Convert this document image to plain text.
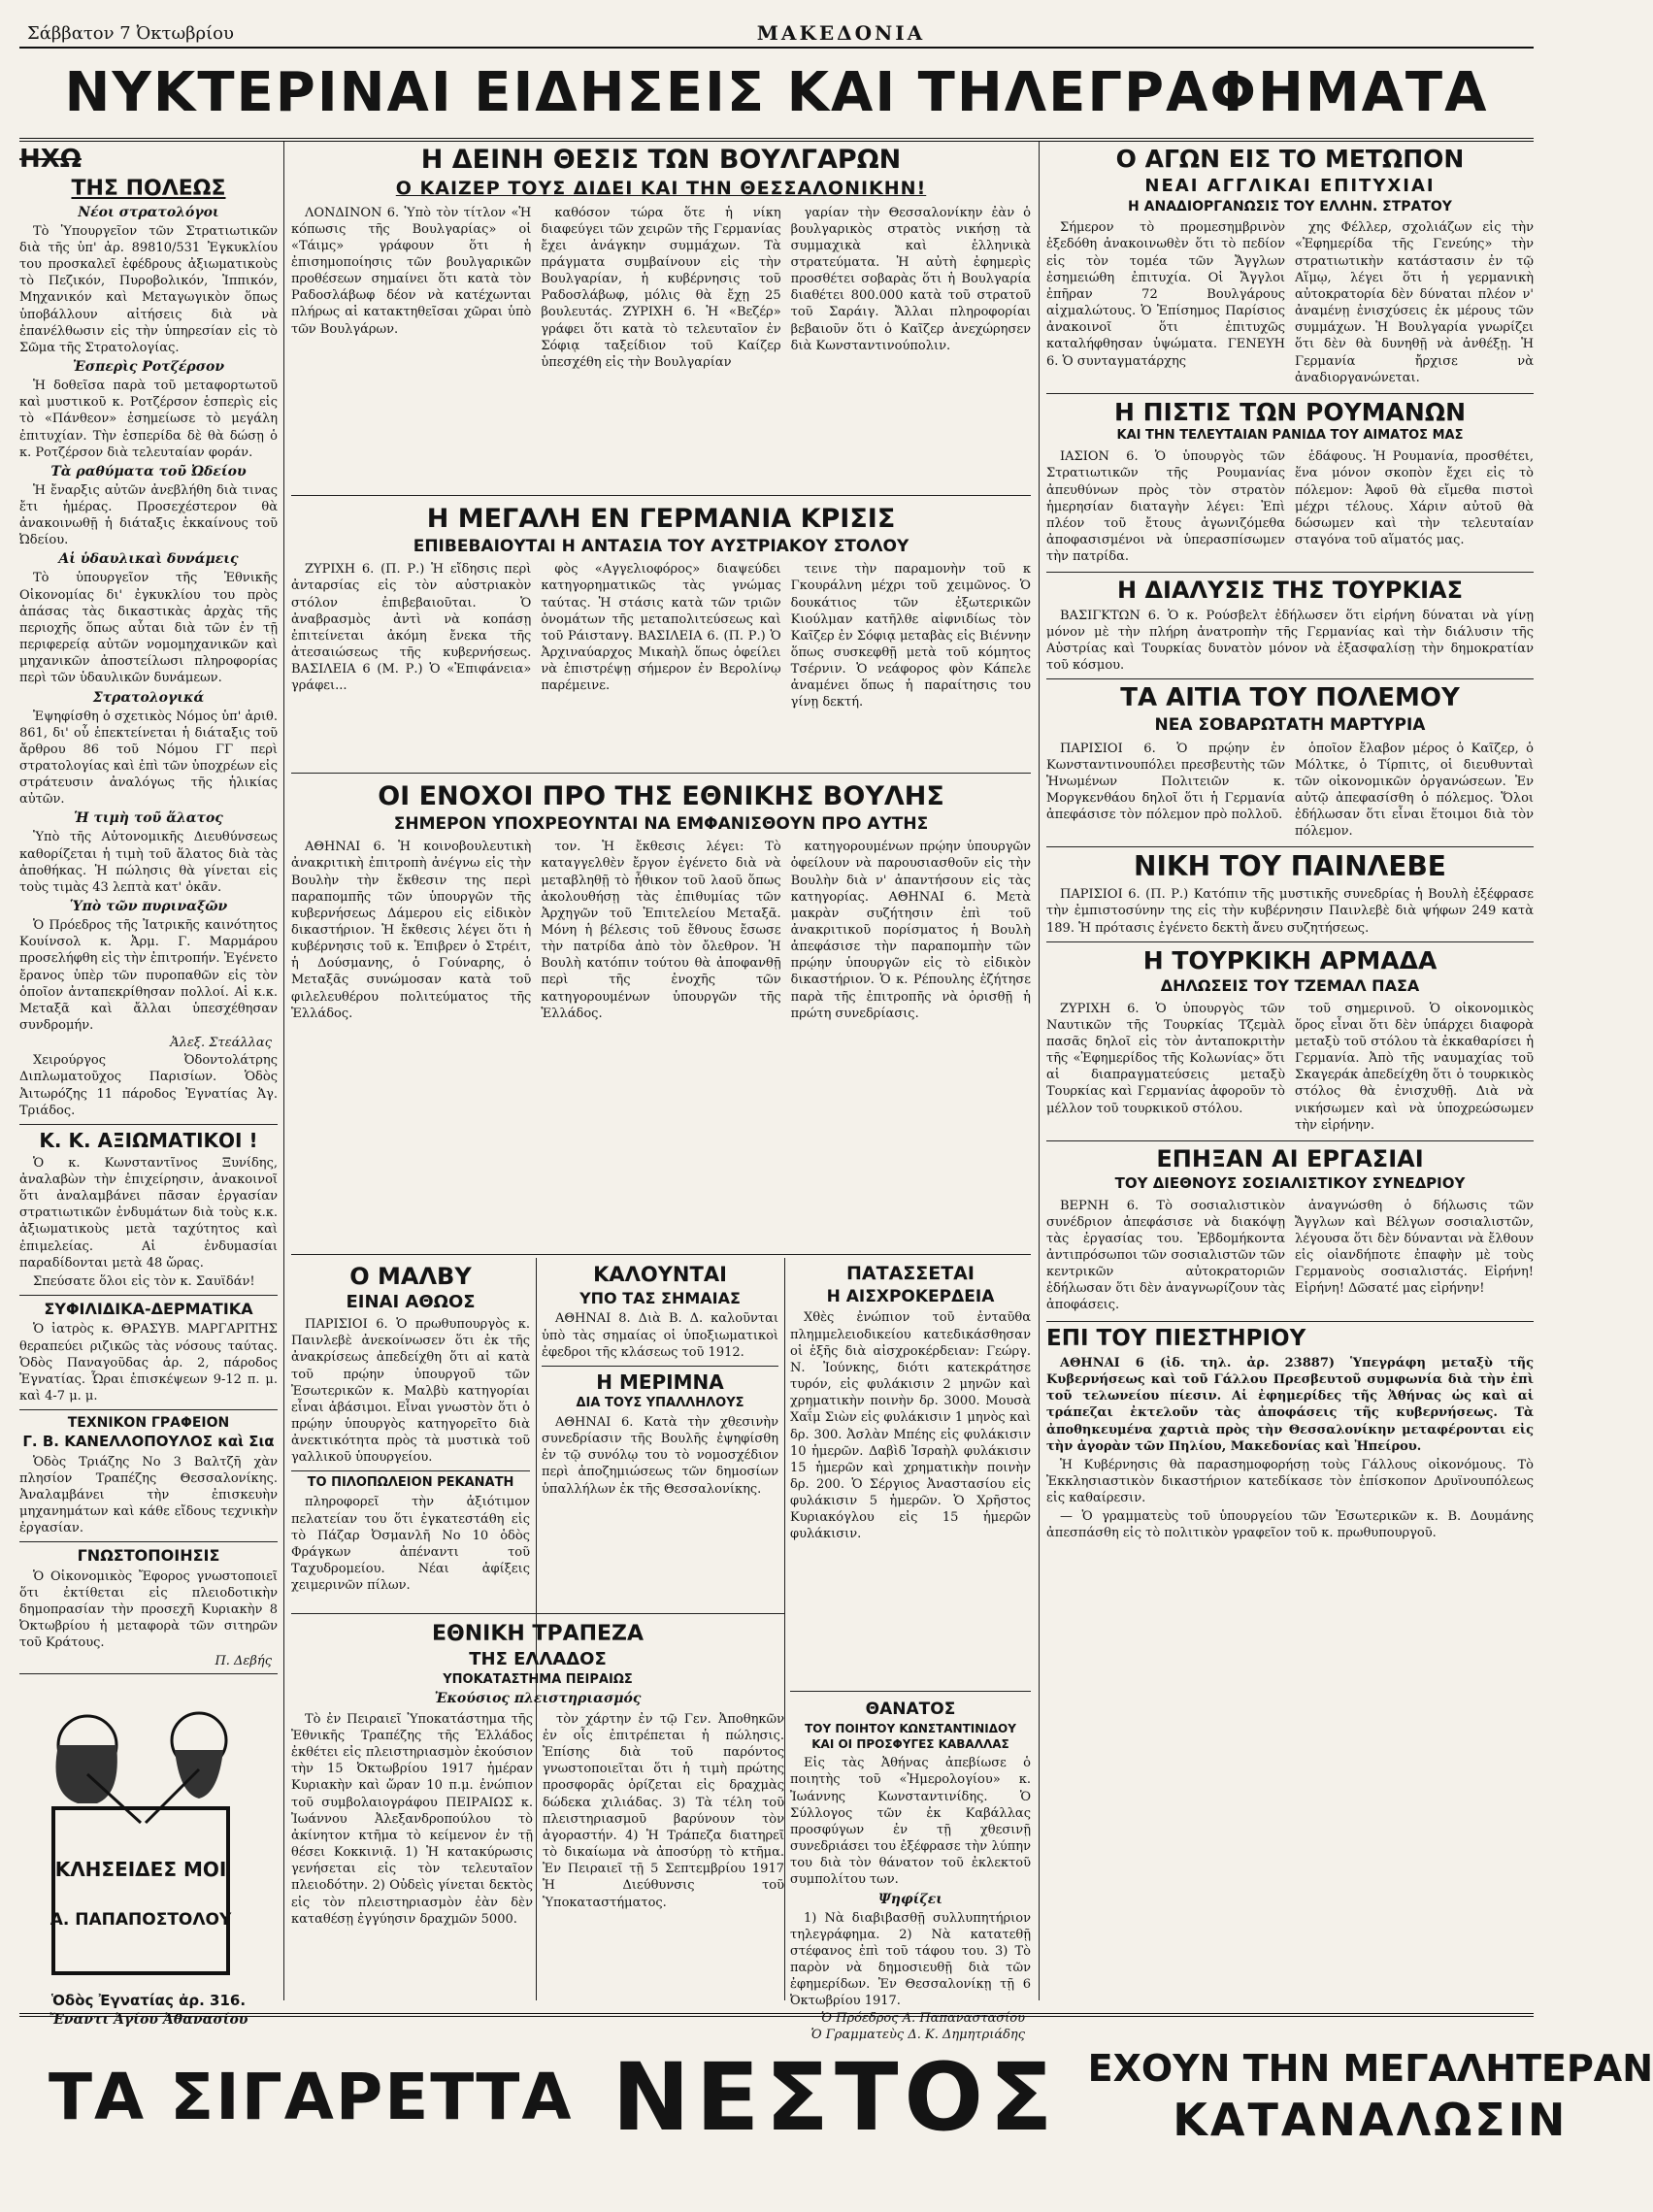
Σάββατον 7 Ὀκτωβρίου	ΜΑΚΕΔΟΝΙΑ
ΝΥΚΤΕΡΙΝΑΙ ΕΙΔΗΣΕΙΣ ΚΑΙ ΤΗΛΕΓΡΑΦΗΜΑΤΑ
ΗΧΩ
ΤΗΣ ΠΟΛΕΩΣ
Νέοι στρατολόγοι

Τὸ Ὑπουργεῖον τῶν Στρατιωτικῶν διὰ τῆς ὑπ' ἀρ. 89810/531 Ἐγκυκλίου του προσκαλεῖ ἐφέδρους ἀξιωματικοὺς τὸ Πεζικόν, Πυροβολικόν, Ἱππικόν, Μηχανικόν καὶ Μεταγωγικὸν ὅπως ὑποβάλλουν αἰτήσεις διὰ νὰ ἐπανέλθωσιν εἰς τὴν ὑπηρεσίαν εἰς τὸ Σῶμα τῆς Στρατολογίας.

Ἐσπερὶς Ροτζέρσον

Ἡ δοθεῖσα παρὰ τοῦ μεταφορτωτοῦ καὶ μυστικοῦ κ. Ροτζέρσον ἑσπερὶς εἰς τὸ «Πάνθεον» ἐσημείωσε τὸ μεγάλη ἐπιτυχίαν. Τὴν ἐσπερίδα δὲ θὰ δώσῃ ὁ κ. Ροτζέρσον διὰ τελευταίαν φοράν.

Τὰ ραθύματα τοῦ Ὠδείου

Ἡ ἔναρξις αὐτῶν ἀνεβλήθη διὰ τινας ἔτι ἡμέρας. Προσεχέστερον θὰ ἀνακοινωθῇ ἡ διάταξις ἐκκαίνους τοῦ Ὠδείου.

Αἱ ὑδαυλικαὶ δυνάμεις

Τὸ ὑπουργεῖον τῆς Ἐθνικῆς Οἰκονομίας δι' ἐγκυκλίου του πρὸς ἁπάσας τὰς δικαστικὰς ἀρχὰς τῆς περιοχῆς ὅπως αὗται διὰ τῶν ἐν τῇ περιφερείᾳ αὐτῶν νομομηχανικῶν καὶ μηχανικῶν ἀποστείλωσι πληροφορίας περὶ τῶν ὑδαυλικῶν δυνάμεων.

Στρατολογικά

Ἐψηφίσθη ὁ σχετικὸς Νόμος ὑπ' ἀριθ. 861, δι' οὗ ἐπεκτείνεται ἡ διάταξις τοῦ ἄρθρου 86 τοῦ Νόμου ΓΓ περὶ στρατολογίας καὶ ἐπὶ τῶν ὑποχρέων εἰς στράτευσιν ἀναλόγως τῆς ἡλικίας αὐτῶν.

Ἡ τιμὴ τοῦ ἅλατος

Ὑπὸ τῆς Αὐτονομικῆς Διευθύνσεως καθορίζεται ἡ τιμὴ τοῦ ἅλατος διὰ τὰς ἀποθήκας. Ἡ πώλησις θὰ γίνεται εἰς τοὺς τιμὰς 43 λεπτὰ κατ' ὀκᾶν.

Ὑπὸ τῶν πυριναξῶν

Ὁ Πρόεδρος τῆς Ἰατρικῆς καινότητος Κουίνσολ κ. Ἀρμ. Γ. Μαρμάρου προσελήφθη εἰς τὴν ἐπιτροπήν. Ἐγένετο ἔρανος ὑπὲρ τῶν πυροπαθῶν εἰς τὸν ὁποῖον ἀνταπεκρίθησαν πολλοί. Αἱ κ.κ. Μεταξᾶ καὶ ἄλλαι ὑπεσχέθησαν συνδρομήν.

Ἀλεξ. Στεάλλας

Χειρούργος Ὀδοντολάτρης Διπλωματοῦχος Παρισίων. Ὁδὸς Ἀιτωρόζης 11 πάροδος Ἐγνατίας Ἀγ. Τριάδος.

Κ. Κ. ΑΞΙΩΜΑΤΙΚΟΙ !

Ὁ κ. Κωνσταντῖνος Ξυνίδης, ἀναλαβὼν τὴν ἐπιχείρησιν, ἀνακοινοῖ ὅτι ἀναλαμβάνει πᾶσαν ἐργασίαν στρατιωτικῶν ἐνδυμάτων διὰ τοὺς κ.κ. ἀξιωματικοὺς μετὰ ταχύτητος καὶ ἐπιμελείας. Αἱ ἐνδυμασίαι παραδίδονται μετὰ 48 ὥρας.

Σπεύσατε ὅλοι εἰς τὸν κ. Σαυϊδάν!

ΣΥΦΙΛΙΔΙΚΑ-ΔΕΡΜΑΤΙΚΑ

Ὁ ἰατρὸς κ. ΘΡΑΣΥΒ. ΜΑΡΓΑΡΙΤΗΣ θεραπεύει ριζικῶς τὰς νόσους ταύτας. Ὁδὸς Παναγοῦδας ἀρ. 2, πάροδος Ἐγνατίας. Ὧραι ἐπισκέψεων 9-12 π. μ. καὶ 4-7 μ. μ.

ΤΕΧΝΙΚΟΝ ΓΡΑΦΕΙΟΝ
Γ. Β. ΚΑΝΕΛΛΟΠΟΥΛΟΣ καὶ Σια

Ὁδὸς Τριάζης Νο 3 Βαλτζῆ χὰν πλησίον Τραπέζης Θεσσαλονίκης. Ἀναλαμβάνει τὴν ἐπισκευὴν μηχανημάτων καὶ κάθε εἴδους τεχνικὴν ἐργασίαν.

ΓΝΩΣΤΟΠΟΙΗΣΙΣ

Ὁ Οἰκονομικὸς Ἔφορος γνωστοποιεῖ ὅτι ἐκτίθεται εἰς πλειοδοτικὴν δημοπρασίαν τὴν προσεχῆ Κυριακὴν 8 Ὀκτωβρίου ἡ μεταφορὰ τῶν σιτηρῶν τοῦ Κράτους.

Π. Δεβής
ΚΛΗΣΕΙΔΕΣ ΜΟΙ
Α. ΠΑΠΑΠΟΣΤΟΛΟΥ
Ὁδὸς Ἐγνατίας ἀρ. 316.
Ἔναντι Ἁγίου Ἀθανασίου
Η ΔΕΙΝΗ ΘΕΣΙΣ ΤΩΝ ΒΟΥΛΓΑΡΩΝ
Ο ΚΑΙΖΕΡ ΤΟΥΣ ΔΙΔΕΙ ΚΑΙ ΤΗΝ ΘΕΣΣΑΛΟΝΙΚΗΝ!

ΛΟΝΔΙΝΟΝ 6. Ὑπὸ τὸν τίτλον «Ἡ κόπωσις τῆς Βουλγαρίας» οἱ «Τάιμς» γράφουν ὅτι ἡ ἐπισημοποίησις τῶν βουλγαρικῶν προθέσεων σημαίνει ὅτι κατὰ τὸν Ραδοσλάβωφ δέον νὰ κατέχωνται πλήρως αἱ κατακτηθεῖσαι χῶραι ὑπὸ τῶν Βουλγάρων.

καθόσον τώρα ὅτε ἡ νίκη διαφεύγει τῶν χειρῶν τῆς Γερμανίας ἔχει ἀνάγκην συμμάχων. Τὰ πράγματα συμβαίνουν εἰς τὴν Βουλγαρίαν, ἡ κυβέρνησις τοῦ Ραδοσλάβωφ, μόλις θὰ ἔχῃ 25 βουλευτάς. ΖΥΡΙΧΗ 6. Ἡ «Βεζέρ» γράφει ὅτι κατὰ τὸ τελευταῖον ἐν Σόφιᾳ ταξείδιον τοῦ Καίζερ ὑπεσχέθη εἰς τὴν Βουλγαρίαν

γαρίαν τὴν Θεσσαλονίκην ἐὰν ὁ βουλγαρικὸς στρατὸς νικήσῃ τὰ συμμαχικὰ καὶ ἑλληνικὰ στρατεύματα. Ἡ αὐτὴ ἐφημερὶς προσθέτει σοβαρὰς ὅτι ἡ Βουλγαρία διαθέτει 800.000 κατὰ τοῦ στρατοῦ τοῦ Σαράιγ. Ἄλλαι πληροφορίαι βεβαιοῦν ὅτι ὁ Καῖζερ ἀνεχώρησεν διὰ Κωνσταντινούπολιν.

Η ΜΕΓΑΛΗ ΕΝ ΓΕΡΜΑΝΙΑ ΚΡΙΣΙΣ
ΕΠΙΒΕΒΑΙΟΥΤΑΙ Η ΑΝΤΑΣΙΑ ΤΟΥ ΑΥΣΤΡΙΑΚΟΥ ΣΤΟΛΟΥ

ΖΥΡΙΧΗ 6. (Π. Ρ.) Ἡ εἴδησις περὶ ἀνταρσίας εἰς τὸν αὐστριακὸν στόλον ἐπιβεβαιοῦται. Ὁ ἀναβρασμὸς ἀντὶ νὰ κοπάσῃ ἐπιτείνεται ἀκόμη ἔνεκα τῆς ἀτεσαιώσεως τῆς κυβερνήσεως. ΒΑΣΙΛΕΙΑ 6 (Μ. Ρ.) Ὁ «Ἐπιφάνεια» γράφει...

φὸς «Αγγελιοφόρος» διαψεύδει κατηγορηματικῶς τὰς γνώμας ταύτας. Ἡ στάσις κατὰ τῶν τριῶν ὀνομάτων τῆς μεταπολιτεύσεως καὶ τοῦ Ράιστανγ. ΒΑΣΙΛΕΙΑ 6. (Π. Ρ.) Ὁ Ἀρχιναύαρχος Μικαὴλ ὅπως ὀφείλει νὰ ἐπιστρέψῃ σήμερον ἐν Βερολίνῳ παρέμεινε.

τεινε τὴν παραμονὴν τοῦ κ Γκουράλνη μέχρι τοῦ χειμῶνος. Ὁ δουκάτιος τῶν ἐξωτερικῶν Κιούλμαν κατῆλθε αἰφνιδίως τὸν Καῖζερ ἐν Σόφιᾳ μεταβὰς εἰς Βιέννην ὅπως συσκεφθῇ μετὰ τοῦ κόμητος Τσέρνιν. Ὁ νεάφορος φὸν Κάπελε ἀναμένει ὅπως ἡ παραίτησις του γίνῃ δεκτή.

ΟΙ ΕΝΟΧΟΙ ΠΡΟ ΤΗΣ ΕΘΝΙΚΗΣ ΒΟΥΛΗΣ
ΣΗΜΕΡΟΝ ΥΠΟΧΡΕΟΥΝΤΑΙ ΝΑ ΕΜΦΑΝΙΣΘΟΥΝ ΠΡΟ ΑΥΤΗΣ

ΑΘΗΝΑΙ 6. Ἡ κοινοβουλευτικὴ ἀνακριτικὴ ἐπιτροπὴ ἀνέγνω εἰς τὴν Βουλὴν τὴν ἔκθεσιν της περὶ παραπομπῆς τῶν ὑπουργῶν τῆς κυβερνήσεως Δάμερου εἰς εἰδικὸν δικαστήριον. Ἡ ἔκθεσις λέγει ὅτι ἡ κυβέρνησις τοῦ κ. Ἐπιβρεν ὁ Στρέιτ, ἡ Δούσμανης, ὁ Γούναρης, ὁ Μεταξᾶς συνώμοσαν κατὰ τοῦ φιλελευθέρου πολιτεύματος τῆς Ἑλλάδος.

τον. Ἡ ἔκθεσις λέγει: Τὸ καταγγελθὲν ἔργον ἐγένετο διὰ νὰ μεταβληθῇ τὸ ἦθικον τοῦ λαοῦ ὅπως ἀκολουθήσῃ τὰς ἐπιθυμίας τῶν Ἀρχηγῶν τοῦ Ἐπιτελείου Μεταξᾶ. Μόνη ἡ βέλεσις τοῦ ἔθνους ἔσωσε τὴν πατρίδα ἀπὸ τὸν ὄλεθρον. Ἡ Βουλὴ κατόπιν τούτου θὰ ἀποφανθῇ περὶ τῆς ἐνοχῆς τῶν κατηγορουμένων ὑπουργῶν τῆς Ἑλλάδος.

κατηγορουμένων πρῴην ὑπουργῶν ὀφείλουν νὰ παρουσιασθοῦν εἰς τὴν Βουλὴν διὰ ν' ἀπαντήσουν εἰς τὰς κατηγορίας. ΑΘΗΝΑΙ 6. Μετὰ μακρὰν συζήτησιν ἐπὶ τοῦ ἀνακριτικοῦ πορίσματος ἡ Βουλὴ ἀπεφάσισε τὴν παραπομπὴν τῶν πρῴην ὑπουργῶν εἰς τὸ εἰδικὸν δικαστήριον. Ὁ κ. Ρέπουλης ἐζήτησε παρὰ τῆς ἐπιτροπῆς νὰ ὁρισθῇ ἡ πρώτη συνεδρίασις.

Ο ΜΑΛΒΥ
ΕΙΝΑΙ ΑΘΩΟΣ

ΠΑΡΙΣΙΟΙ 6. Ὁ πρωθυπουργὸς κ. Παινλεβὲ ἀνεκοίνωσεν ὅτι ἐκ τῆς ἀνακρίσεως ἀπεδείχθη ὅτι αἱ κατὰ τοῦ πρῴην ὑπουργοῦ τῶν Ἐσωτερικῶν κ. Μαλβὺ κατηγορίαι εἶναι ἀβάσιμοι. Εἶναι γνωστὸν ὅτι ὁ πρῴην ὑπουργὸς κατηγορεῖτο διὰ ἀνεκτικότητα πρὸς τὰ μυστικὰ τοῦ γαλλικοῦ ὑπουργείου.

ΤΟ ΠΙΛΟΠΩΛΕΙΟΝ ΡΕΚΑΝΑΤΗ

πληροφορεῖ τὴν ἀξιότιμον πελατείαν του ὅτι ἐγκατεστάθη εἰς τὸ Πάζαρ Ὀσμανλῆ Νο 10 ὁδὸς Φράγκων ἀπέναντι τοῦ Ταχυδρομείου. Νέαι ἀφίξεις χειμερινῶν πίλων.

ΚΑΛΟΥΝΤΑΙ
ΥΠΟ ΤΑΣ ΣΗΜΑΙΑΣ

ΑΘΗΝΑΙ 8. Διὰ Β. Δ. καλοῦνται ὑπὸ τὰς σημαίας οἱ ὑποξιωματικοὶ ἐφεδροι τῆς κλάσεως τοῦ 1912.

Η ΜΕΡΙΜΝΑ
ΔΙΑ ΤΟΥΣ ΥΠΑΛΛΗΛΟΥΣ

ΑΘΗΝΑΙ 6. Κατὰ τὴν χθεσινὴν συνεδρίασιν τῆς Βουλῆς ἐψηφίσθη ἐν τῷ συνόλῳ του τὸ νομοσχέδιον περὶ ἀποζημιώσεως τῶν δημοσίων ὑπαλλήλων ἐκ τῆς Θεσσαλονίκης.

ΠΑΤΑΣΣΕΤΑΙ
Η ΑΙΣΧΡΟΚΕΡΔΕΙΑ

Χθὲς ἐνώπιον τοῦ ἐνταῦθα πλημμελειοδικείου κατεδικάσθησαν οἱ ἑξῆς διὰ αἰσχροκέρδειαν: Γεώργ. Ν. Ἰούνκης, διότι κατεκράτησε τυρόν, εἰς φυλάκισιν 2 μηνῶν καὶ χρηματικὴν ποινὴν δρ. 3000. Μουσὰ Χαΐμ Σιὼν εἰς φυλάκισιν 1 μηνὸς καὶ δρ. 300. Ἀσλὰν Μπέης εἰς φυλάκισιν 10 ἡμερῶν. Δαβὶδ Ἰσραὴλ φυλάκισιν 15 ἡμερῶν καὶ χρηματικὴν ποινὴν δρ. 200. Ὁ Σέργιος Ἀναστασίου εἰς φυλάκισιν 5 ἡμερῶν. Ὁ Χρῆστος Κυριακόγλου εἰς 15 ἡμερῶν φυλάκισιν.

ΕΘΝΙΚΗ ΤΡΑΠΕΖΑ
ΤΗΣ ΕΛΛΑΔΟΣ
ΥΠΟΚΑΤΑΣΤΗΜΑ ΠΕΙΡΑΙΩΣ
Ἐκούσιος πλειστηριασμός

Τὸ ἐν Πειραιεῖ Ὑποκατάστημα τῆς Ἐθνικῆς Τραπέζης τῆς Ἑλλάδος ἐκθέτει εἰς πλειστηριασμὸν ἐκούσιον τὴν 15 Ὀκτωβρίου 1917 ἡμέραν Κυριακὴν καὶ ὥραν 10 π.μ. ἐνώπιον τοῦ συμβολαιογράφου ΠΕΙΡΑΙΩΣ κ. Ἰωάννου Ἀλεξανδροπούλου τὸ ἀκίνητον κτῆμα τὸ κείμενον ἐν τῇ θέσει Κοκκινιᾷ. 1) Ἡ κατακύρωσις γενήσεται εἰς τὸν τελευταῖον πλειοδότην. 2) Οὐδεὶς γίνεται δεκτὸς εἰς τὸν πλειστηριασμὸν ἐὰν δὲν καταθέσῃ ἐγγύησιν δραχμῶν 5000.

τὸν χάρτην ἐν τῷ Γεν. Ἀποθηκῶν ἐν οἷς ἐπιτρέπεται ἡ πώλησις. Ἐπίσης διὰ τοῦ παρόντος γνωστοποιεῖται ὅτι ἡ τιμὴ πρώτης προσφορᾶς ὁρίζεται εἰς δραχμὰς δώδεκα χιλιάδας. 3) Τὰ τέλη τοῦ πλειστηριασμοῦ βαρύνουν τὸν ἀγοραστήν. 4) Ἡ Τράπεζα διατηρεῖ τὸ δικαίωμα νὰ ἀποσύρῃ τὸ κτῆμα. Ἐν Πειραιεῖ τῇ 5 Σεπτεμβρίου 1917 Ἡ Διεύθυνσις τοῦ Ὑποκαταστήματος.

ΘΑΝΑΤΟΣ
ΤΟΥ ΠΟΙΗΤΟΥ ΚΩΝΣΤΑΝΤΙΝΙΔΟΥ
ΚΑΙ ΟΙ ΠΡΟΣΦΥΓΕΣ ΚΑΒΑΛΛΑΣ

Εἰς τὰς Ἀθήνας ἀπεβίωσε ὁ ποιητὴς τοῦ «Ἡμερολογίου» κ. Ἰωάννης Κωνσταντινίδης. Ὁ Σύλλογος τῶν ἐκ Καβάλλας προσφύγων ἐν τῇ χθεσινῇ συνεδριάσει του ἐξέφρασε τὴν λύπην του διὰ τὸν θάνατον τοῦ ἐκλεκτοῦ συμπολίτου των.

Ψηφίζει

1) Νὰ διαβιβασθῇ συλλυπητήριον τηλεγράφημα. 2) Νὰ κατατεθῇ στέφανος ἐπὶ τοῦ τάφου του. 3) Τὸ παρὸν νὰ δημοσιευθῇ διὰ τῶν ἐφημερίδων. Ἐν Θεσσαλονίκῃ τῇ 6 Ὀκτωβρίου 1917.

Ὁ Πρόεδρος Α. Παπαναστασίου
Ὁ Γραμματεὺς Δ. Κ. Δημητριάδης
Ο ΑΓΩΝ ΕΙΣ ΤΟ ΜΕΤΩΠΟΝ
ΝΕΑΙ ΑΓΓΛΙΚΑΙ ΕΠΙΤΥΧΙΑΙ
Η ΑΝΑΔΙΟΡΓΑΝΩΣΙΣ ΤΟΥ ΕΛΛΗΝ. ΣΤΡΑΤΟΥ

Σήμερον τὸ προμεσημβρινὸν ἐξεδόθη ἀνακοινωθὲν ὅτι τὸ πεδίον εἰς τὸν τομέα τῶν Ἄγγλων ἐσημειώθη ἐπιτυχία. Οἱ Ἄγγλοι ἐπῆραν 72 Βουλγάρους αἰχμαλώτους. Ὁ Ἐπίσημος Παρίσιος ἀνακοινοῖ ὅτι ἐπιτυχῶς καταλήφθησαν ὑψώματα. ΓΕΝΕΥΗ 6. Ὁ συνταγματάρχης

χης Φέλλερ, σχολιάζων εἰς τὴν «Ἐφημερίδα τῆς Γενεύης» τὴν στρατιωτικὴν κατάστασιν ἐν τῷ Αἵμῳ, λέγει ὅτι ἡ γερμανικὴ αὐτοκρατορία δὲν δύναται πλέον ν' ἀναμένῃ ἐνισχύσεις ἐκ μέρους τῶν συμμάχων. Ἡ Βουλγαρία γνωρίζει ὅτι δὲν θὰ δυνηθῇ νὰ ἀνθέξῃ. Ἡ Γερμανία ἤρχισε νὰ ἀναδιοργανώνεται.

Η ΠΙΣΤΙΣ ΤΩΝ ΡΟΥΜΑΝΩΝ
ΚΑΙ ΤΗΝ ΤΕΛΕΥΤΑΙΑΝ ΡΑΝΙΔΑ ΤΟΥ ΑΙΜΑΤΟΣ ΜΑΣ

ΙΑΣΙΟΝ 6. Ὁ ὑπουργὸς τῶν Στρατιωτικῶν τῆς Ρουμανίας ἀπευθύνων πρὸς τὸν στρατὸν ἡμερησίαν διαταγὴν λέγει: Ἐπὶ πλέον τοῦ ἔτους ἀγωνιζόμεθα ἀποφασισμένοι νὰ ὑπερασπίσωμεν τὴν πατρίδα.

ἐδάφους. Ἡ Ρουμανία, προσθέτει, ἕνα μόνον σκοπὸν ἔχει εἰς τὸ πόλεμον: Ἀφοῦ θὰ εἴμεθα πιστοὶ μέχρι τέλους. Χάριν αὐτοῦ θὰ δώσωμεν καὶ τὴν τελευταίαν σταγόνα τοῦ αἵματός μας.

Η ΔΙΑΛΥΣΙΣ ΤΗΣ ΤΟΥΡΚΙΑΣ

ΒΑΣΙΓΚΤΩΝ 6. Ὁ κ. Ρούσβελτ ἐδήλωσεν ὅτι εἰρήνη δύναται νὰ γίνῃ μόνον μὲ τὴν πλήρη ἀνατροπὴν τῆς Γερμανίας καὶ τὴν διάλυσιν τῆς Αὐστρίας καὶ Τουρκίας δυνατὸν μόνον νὰ ἐξασφαλίσῃ τὴν δημοκρατίαν τοῦ κόσμου.

ΤΑ ΑΙΤΙΑ ΤΟΥ ΠΟΛΕΜΟΥ
ΝΕΑ ΣΟΒΑΡΩΤΑΤΗ ΜΑΡΤΥΡΙΑ

ΠΑΡΙΣΙΟΙ 6. Ὁ πρῴην ἐν Κωνσταντινουπόλει πρεσβευτὴς τῶν Ἡνωμένων Πολιτειῶν κ. Μοργκενθάου δηλοῖ ὅτι ἡ Γερμανία ἀπεφάσισε τὸν πόλεμον πρὸ πολλοῦ.

ὁποῖον ἔλαβον μέρος ὁ Καῖζερ, ὁ Μόλτκε, ὁ Τίρπιτς, οἱ διευθυνταὶ τῶν οἰκονομικῶν ὀργανώσεων. Ἐν αὐτῷ ἀπεφασίσθη ὁ πόλεμος. Ὅλοι ἐδήλωσαν ὅτι εἶναι ἕτοιμοι διὰ τὸν πόλεμον.

ΝΙΚΗ ΤΟΥ ΠΑΙΝΛΕΒΕ

ΠΑΡΙΣΙΟΙ 6. (Π. Ρ.) Κατόπιν τῆς μυστικῆς συνεδρίας ἡ Βουλὴ ἐξέφρασε τὴν ἐμπιστοσύνην της εἰς τὴν κυβέρνησιν Παινλεβὲ διὰ ψήφων 249 κατὰ 189. Ἡ πρότασις ἐγένετο δεκτὴ ἄνευ συζητήσεως.

Η ΤΟΥΡΚΙΚΗ ΑΡΜΑΔΑ
ΔΗΛΩΣΕΙΣ ΤΟΥ ΤΖΕΜΑΛ ΠΑΣΑ

ΖΥΡΙΧΗ 6. Ὁ ὑπουργὸς τῶν Ναυτικῶν τῆς Τουρκίας Τζεμὰλ πασᾶς δηλοῖ εἰς τὸν ἀνταποκριτὴν τῆς «Ἐφημερίδος τῆς Κολωνίας» ὅτι αἱ διαπραγματεύσεις μεταξὺ Τουρκίας καὶ Γερμανίας ἀφοροῦν τὸ μέλλον τοῦ τουρκικοῦ στόλου.

τοῦ σημερινοῦ. Ὁ οἰκονομικὸς ὅρος εἶναι ὅτι δὲν ὑπάρχει διαφορὰ μεταξὺ τοῦ στόλου τὰ ἐκκαθαρίσει ἡ Γερμανία. Ἀπὸ τῆς ναυμαχίας τοῦ Σκαγεράκ ἀπεδείχθη ὅτι ὁ τουρκικὸς στόλος θὰ ἐνισχυθῇ. Διὰ νὰ νικήσωμεν καὶ νὰ ὑποχρεώσωμεν τὴν εἰρήνην.

ΕΠΗΞΑΝ ΑΙ ΕΡΓΑΣΙΑΙ
ΤΟΥ ΔΙΕΘΝΟΥΣ ΣΟΣΙΑΛΙΣΤΙΚΟΥ ΣΥΝΕΔΡΙΟΥ

ΒΕΡΝΗ 6. Τὸ σοσιαλιστικὸν συνέδριον ἀπεφάσισε νὰ διακόψῃ τὰς ἐργασίας του. Ἐβδομήκοντα ἀντιπρόσωποι τῶν σοσιαλιστῶν τῶν κεντρικῶν αὐτοκρατοριῶν ἐδήλωσαν ὅτι δὲν ἀναγνωρίζουν τὰς ἀποφάσεις.

ἀναγνώσθη ὁ δήλωσις τῶν Ἄγγλων καὶ Βέλγων σοσιαλιστῶν, λέγουσα ὅτι δὲν δύνανται νὰ ἔλθουν εἰς οἱανδήποτε ἐπαφὴν μὲ τοὺς Γερμανοὺς σοσιαλιστάς. Εἰρήνη! Εἰρήνη! Δῶσατέ μας εἰρήνην!

ΕΠΙ ΤΟΥ ΠΙΕΣΤΗΡΙΟΥ

ΑΘΗΝΑΙ 6 (ἰδ. τηλ. ἀρ. 23887) Ὑπεγράφη μεταξὺ τῆς Κυβερνήσεως καὶ τοῦ Γάλλου Πρεσβευτοῦ συμφωνία διὰ τὴν ἐπὶ τοῦ τελωνείου πίεσιν. Αἱ ἐφημερίδες τῆς Ἀθήνας ὡς καὶ αἱ τράπεζαι ἐκτελοῦν τὰς ἀποφάσεις τῆς κυβερνήσεως. Τὰ ἀποθηκευμένα χαρτιὰ πρὸς τὴν Θεσσαλονίκην μεταφέρονται εἰς τὴν ἀγορὰν τῶν Πηλίου, Μακεδονίας καὶ Ἠπείρου.

Ἡ Κυβέρνησις θὰ παρασημοφορήσῃ τοὺς Γάλλους οἰκονόμους. Τὸ Ἐκκλησιαστικὸν δικαστήριον κατεδίκασε τὸν ἐπίσκοπον Δρυϊνουπόλεως εἰς καθαίρεσιν.

— Ὁ γραμματεὺς τοῦ ὑπουργείου τῶν Ἐσωτερικῶν κ. Β. Δουμάνης ἀπεσπάσθη εἰς τὸ πολιτικὸν γραφεῖον τοῦ κ. πρωθυπουργοῦ.

ΤΑ ΣΙΓΑΡΕΤΤΑ ΝΕΣΤΟΣ ΕΧΟΥΝ ΤΗΝ ΜΕΓΑΛΗΤΕΡΑΝ
ΚΑΤΑΝΑΛΩΣΙΝ
